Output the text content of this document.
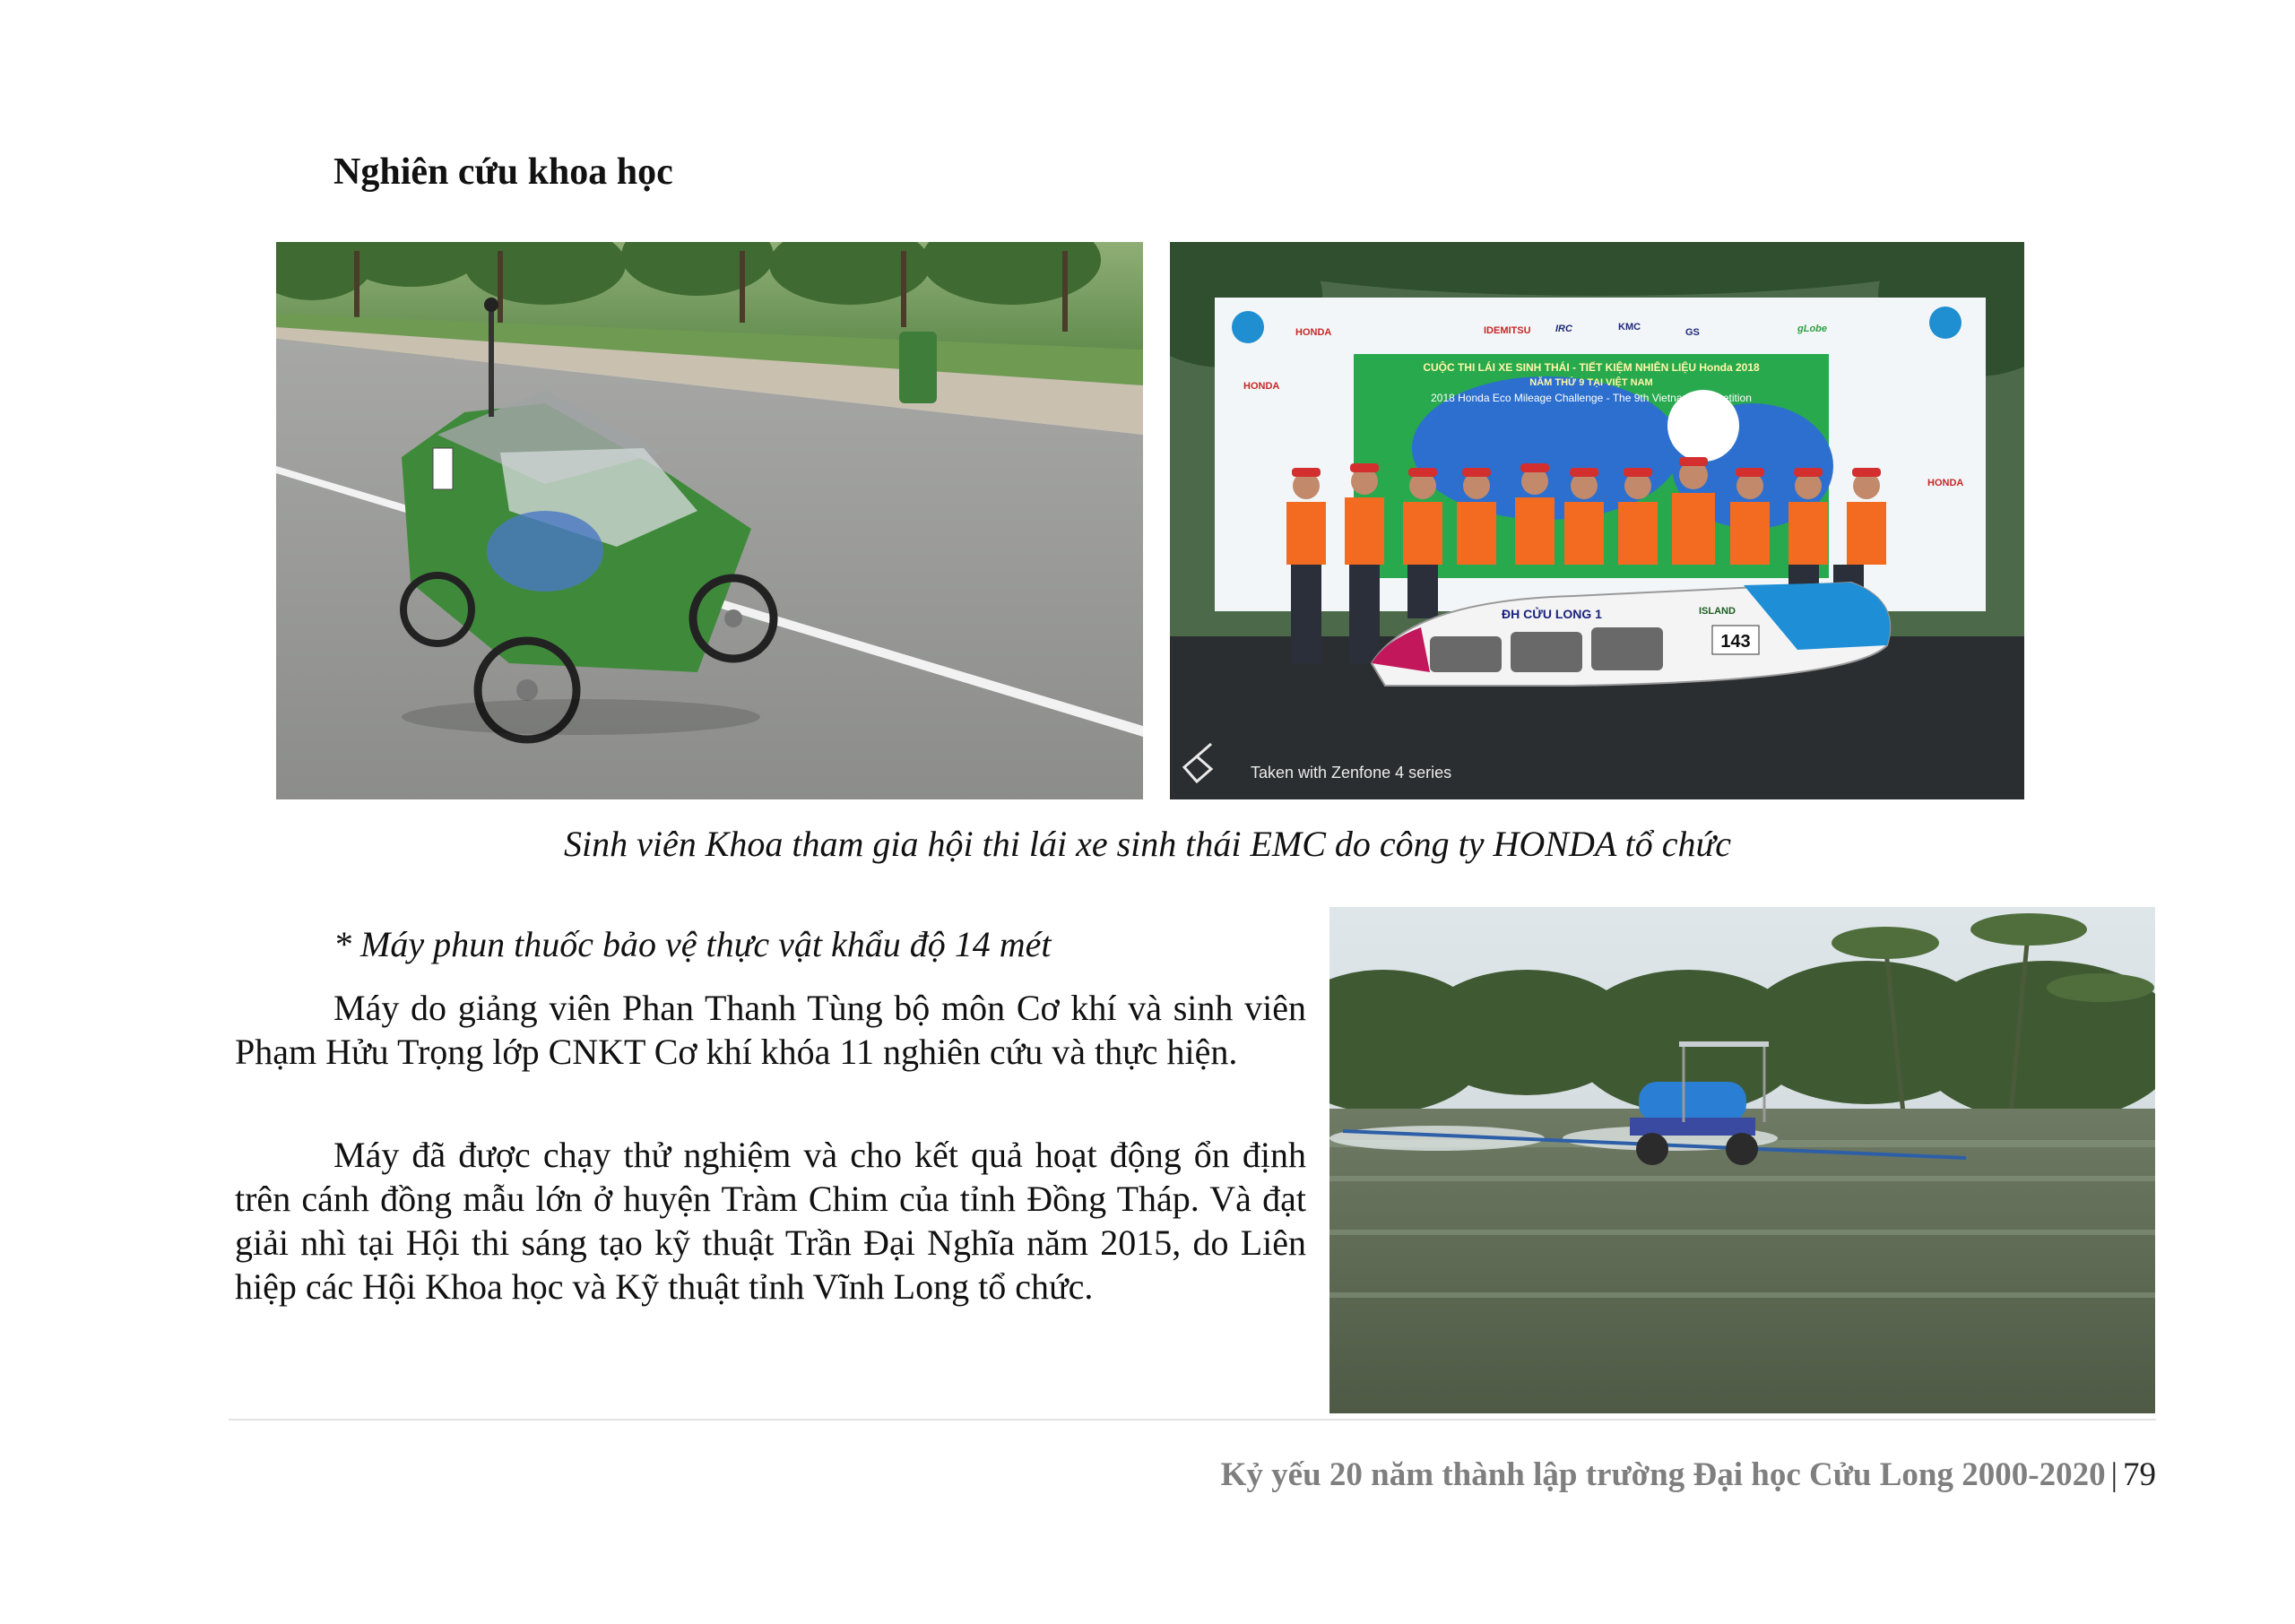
Nghiên cứu khoa học
CUỘC THI LÁI XE SINH THÁI - TIẾT KIỆM NHIÊN LIỆU Honda 2018
NĂM THỨ 9 TẠI VIỆT NAM
2018 Honda Eco Mileage Challenge - The 9th Vietnam Competition
HONDA
HONDA
IDEMITSU IRC	KMC	GS	gLobe
HONDA
ĐH CỬU LONG 1	ISLAND
143
Taken with Zenfone 4 series
Sinh viên Khoa tham gia hội thi lái xe sinh thái EMC do công ty HONDA tổ chức
* Máy phun thuốc bảo vệ thực vật khẩu độ 14 mét
Máy do giảng viên Phan Thanh Tùng bộ môn Cơ khí và sinh viên Phạm Hửu Trọng lớp CNKT Cơ khí khóa 11 nghiên cứu và thực hiện.
Máy đã được chạy thử nghiệm và cho kết quả hoạt động ổn định trên cánh đồng mẫu lớn ở huyện Tràm Chim của tỉnh Đồng Tháp. Và đạt giải nhì tại Hội thi sáng tạo kỹ thuật Trần Đại Nghĩa năm 2015, do Liên hiệp các Hội Khoa học và Kỹ thuật tỉnh Vĩnh Long tổ chức.
Kỷ yếu 20 năm thành lập trường Đại học Cửu Long 2000-2020 | 79
